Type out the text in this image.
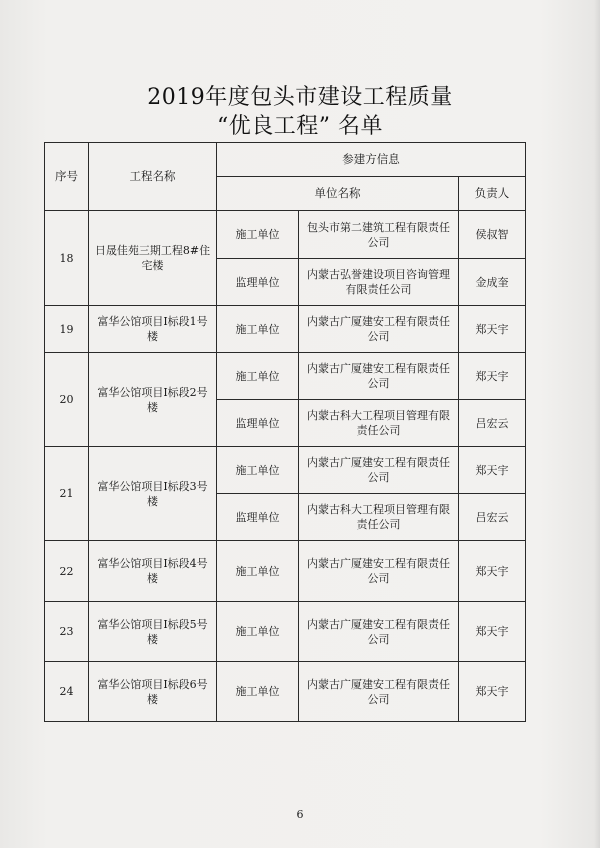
2019年度包头市建设工程质量
“优良工程” 名单
序号	工程名称	参建方信息		
		单位名称		负责人
18	日晟佳苑三期工程8#住宅楼	施工单位	包头市第二建筑工程有限责任公司	侯叔智
		监理单位	内蒙古弘誉建设项目咨询管理有限责任公司	金成奎
19	富华公馆项目I标段1号楼	施工单位	内蒙古广厦建安工程有限责任公司	郑天宇
20	富华公馆项目I标段2号楼	施工单位	内蒙古广厦建安工程有限责任公司	郑天宇
		监理单位	内蒙古科大工程项目管理有限责任公司	吕宏云
21	富华公馆项目I标段3号楼	施工单位	内蒙古广厦建安工程有限责任公司	郑天宇
		监理单位	内蒙古科大工程项目管理有限责任公司	吕宏云
22	富华公馆项目I标段4号楼	施工单位	内蒙古广厦建安工程有限责任公司	郑天宇
23	富华公馆项目I标段5号楼	施工单位	内蒙古广厦建安工程有限责任公司	郑天宇
24	富华公馆项目I标段6号楼	施工单位	内蒙古广厦建安工程有限责任公司	郑天宇
6
